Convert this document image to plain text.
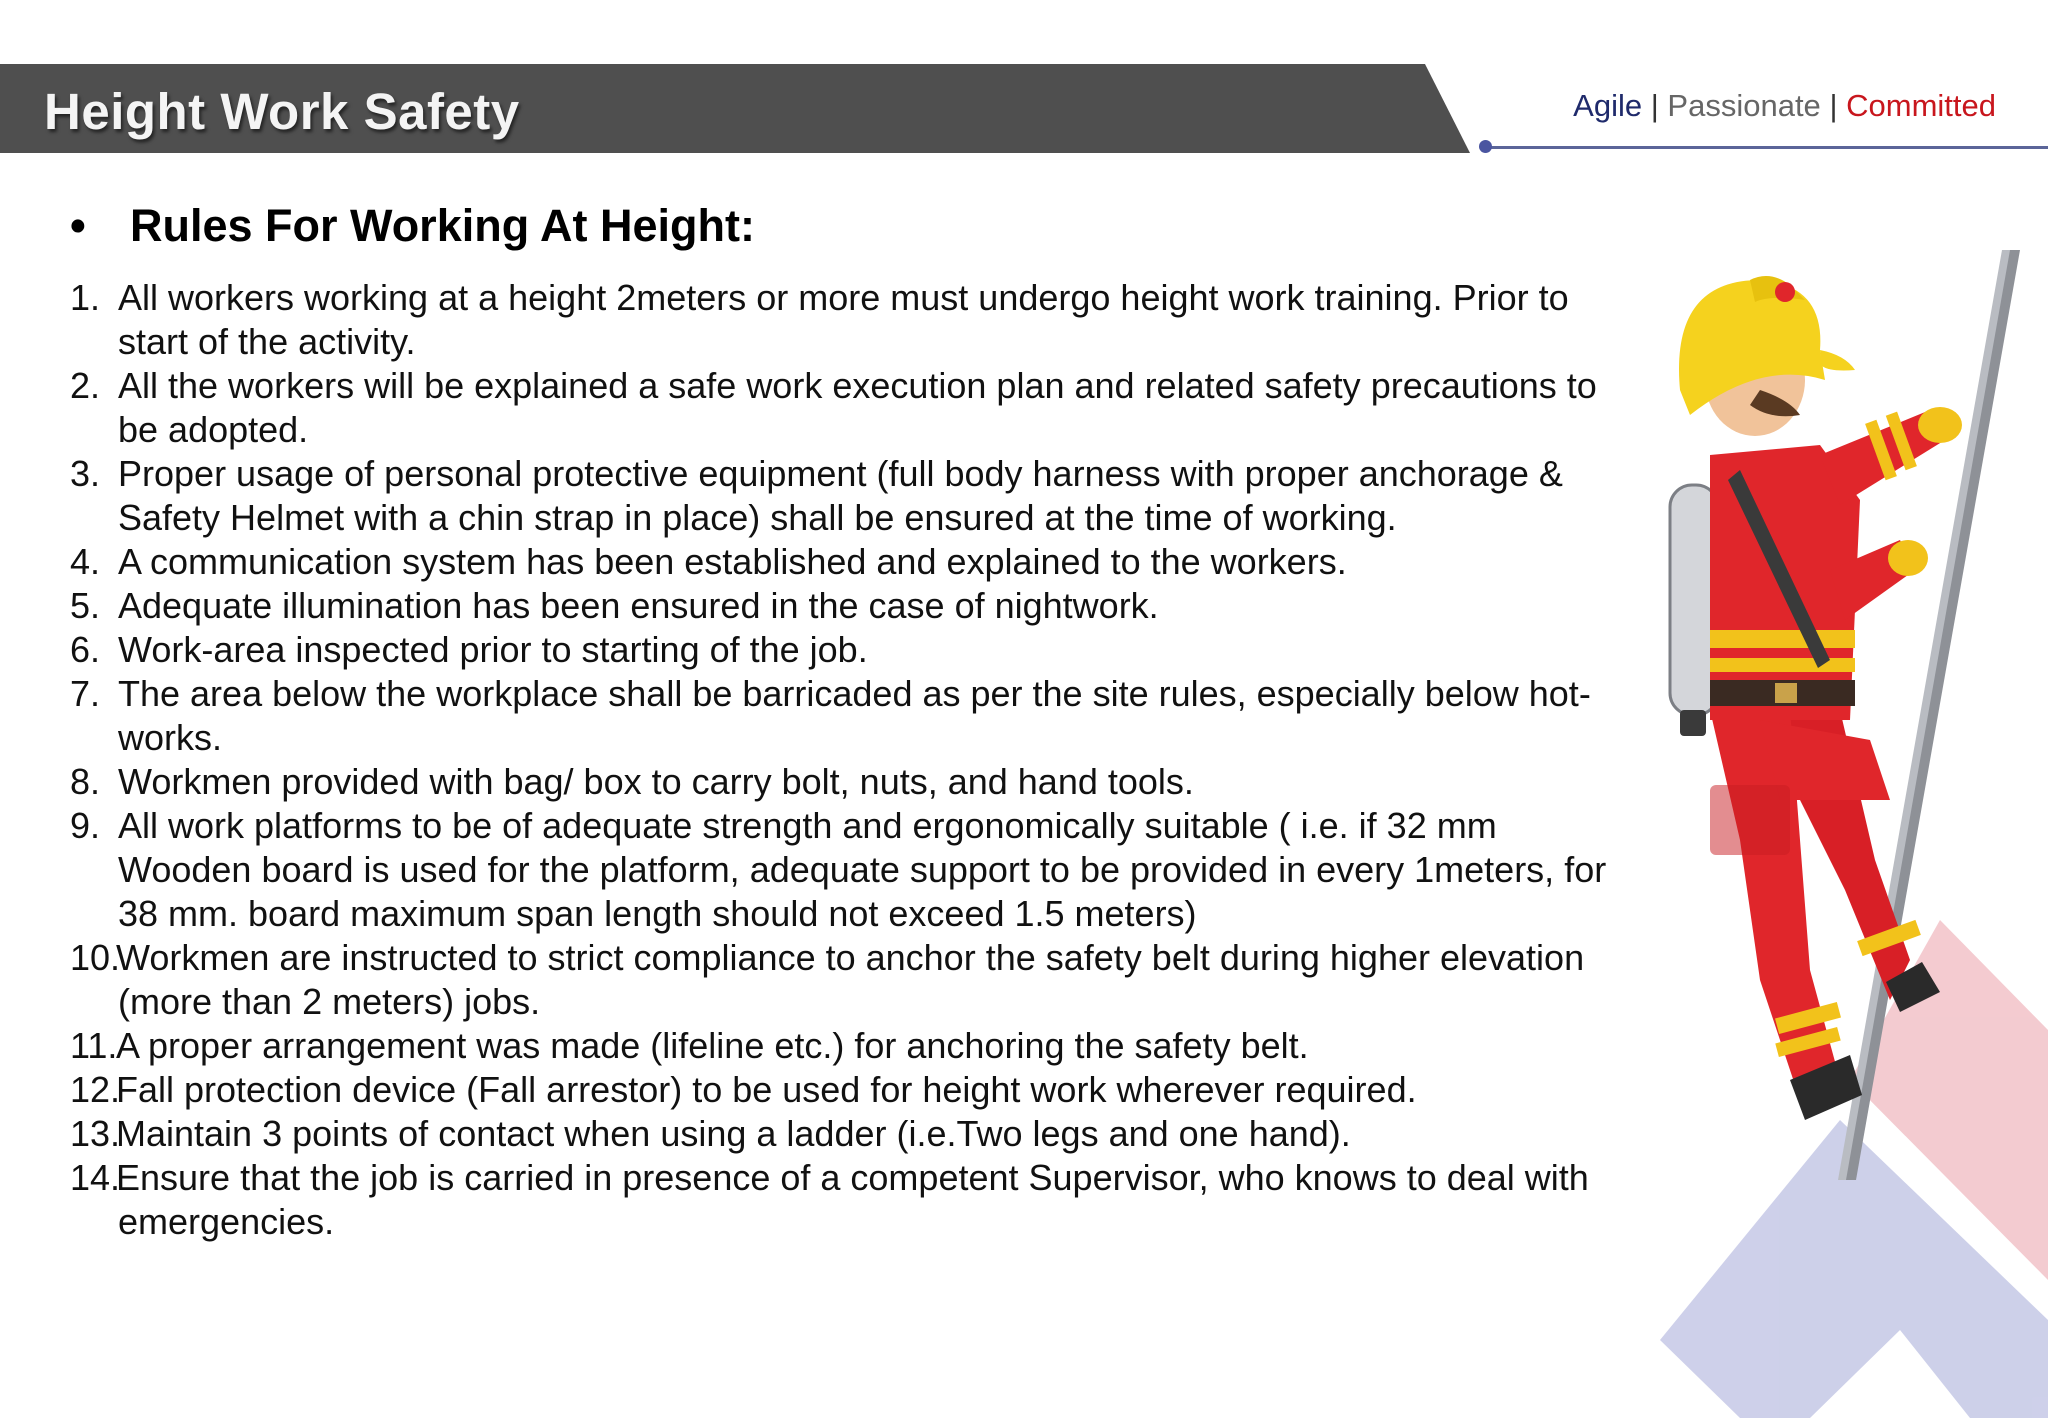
Height Work Safety	Agile | Passionate | Committed
• Rules For Working At Height:
1. All workers working at a height 2meters or more must undergo height work training. Prior to start of the activity.
2. All the workers will be explained a safe work execution plan and related safety precautions to be adopted.
3. Proper usage of personal protective equipment (full body harness with proper anchorage & Safety Helmet with a chin strap in place) shall be ensured at the time of working.
4. A communication system has been established and explained to the workers.
5. Adequate illumination has been ensured in the case of nightwork.
6. Work-area inspected prior to starting of the job.
7. The area below the workplace shall be barricaded as per the site rules, especially below hot-works.
8. Workmen provided with bag/ box to carry bolt, nuts, and hand tools.
9. All work platforms to be of adequate strength and ergonomically suitable ( i.e. if 32 mm Wooden board is used for the platform, adequate support to be provided in every 1meters, for 38 mm. board maximum span length should not exceed 1.5 meters)
10.
Workmen are instructed to strict compliance to anchor the safety belt during higher elevation (more than 2 meters) jobs.
11.
A proper arrangement was made (lifeline etc.) for anchoring the safety belt.
12.
Fall protection device (Fall arrestor) to be used for height work wherever required.
13.
Maintain 3 points of contact when using a ladder (i.e.Two legs and one hand).
14.
Ensure that the job is carried in presence of a competent Supervisor, who knows to deal with emergencies.
